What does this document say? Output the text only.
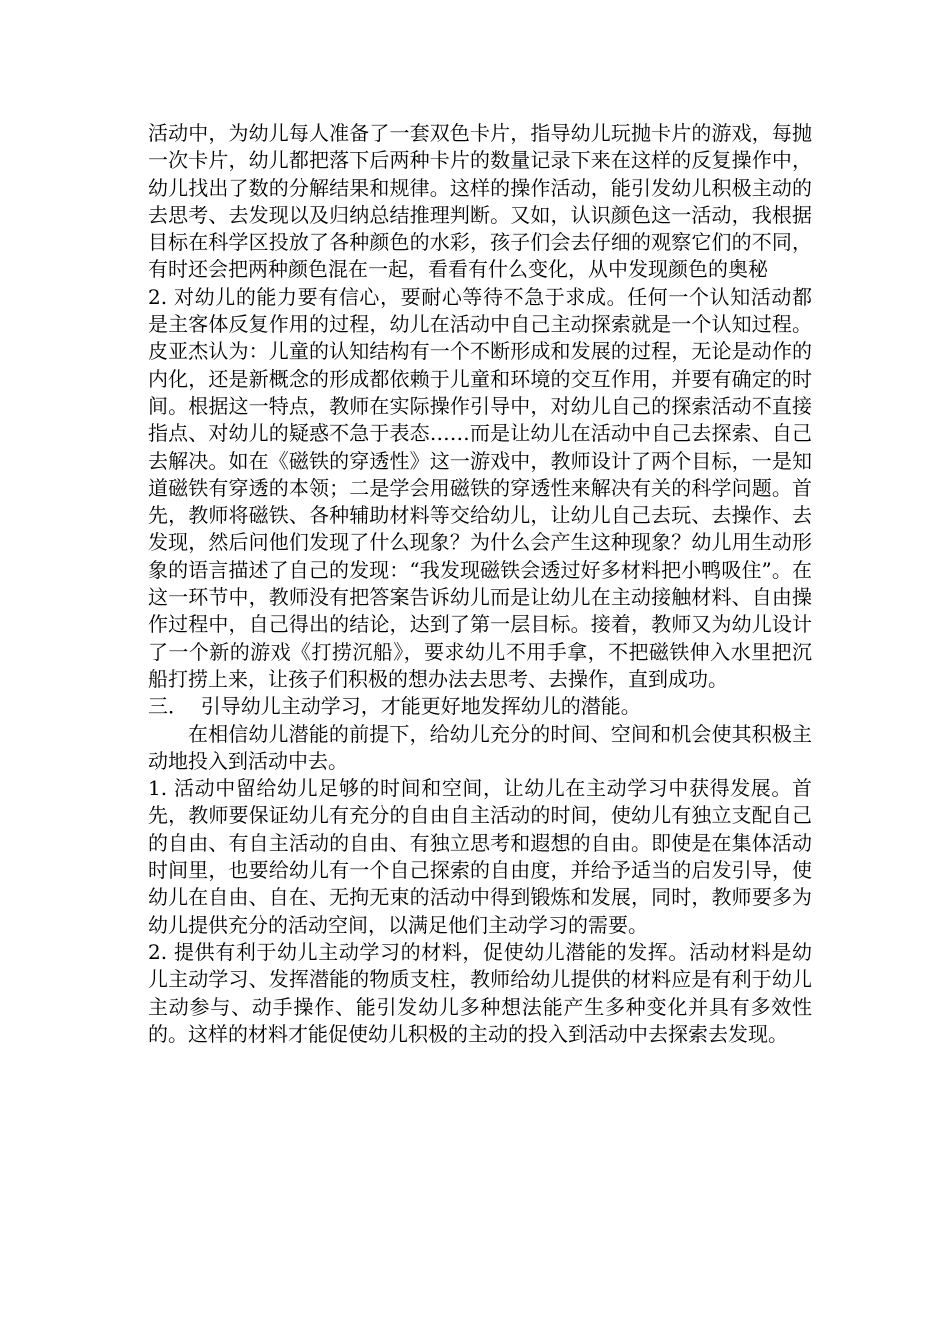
活动中，为幼儿每人准备了一套双色卡片，指导幼儿玩抛卡片的游戏，每抛一次卡片，幼儿都把落下后两种卡片的数量记录下来在这样的反复操作中，幼儿找出了数的分解结果和规律。这样的操作活动，能引发幼儿积极主动的去思考、去发现以及归纳总结推理判断。又如，认识颜色这一活动，我根据目标在科学区投放了各种颜色的水彩，孩子们会去仔细的观察它们的不同，有时还会把两种颜色混在一起，看看有什么变化，从中发现颜色的奥秘

2. 对幼儿的能力要有信心，要耐心等待不急于求成。任何一个认知活动都是主客体反复作用的过程，幼儿在活动中自己主动探索就是一个认知过程。皮亚杰认为：儿童的认知结构有一个不断形成和发展的过程，无论是动作的内化，还是新概念的形成都依赖于儿童和环境的交互作用，并要有确定的时间。根据这一特点，教师在实际操作引导中，对幼儿自己的探索活动不直接指点、对幼儿的疑惑不急于表态……而是让幼儿在活动中自己去探索、自己去解决。如在《磁铁的穿透性》这一游戏中，教师设计了两个目标，一是知道磁铁有穿透的本领；二是学会用磁铁的穿透性来解决有关的科学问题。首先，教师将磁铁、各种辅助材料等交给幼儿，让幼儿自己去玩、去操作、去发现，然后问他们发现了什么现象？为什么会产生这种现象？幼儿用生动形象的语言描述了自己的发现：“我发现磁铁会透过好多材料把小鸭吸住”。在这一环节中，教师没有把答案告诉幼儿而是让幼儿在主动接触材料、自由操作过程中，自己得出的结论，达到了第一层目标。接着，教师又为幼儿设计了一个新的游戏《打捞沉船》，要求幼儿不用手拿，不把磁铁伸入水里把沉船打捞上来，让孩子们积极的想办法去思考、去操作，直到成功。

三．  引导幼儿主动学习，才能更好地发挥幼儿的潜能。

在相信幼儿潜能的前提下，给幼儿充分的时间、空间和机会使其积极主动地投入到活动中去。

1. 活动中留给幼儿足够的时间和空间，让幼儿在主动学习中获得发展。首先，教师要保证幼儿有充分的自由自主活动的时间，使幼儿有独立支配自己的自由、有自主活动的自由、有独立思考和遐想的自由。即使是在集体活动时间里，也要给幼儿有一个自己探索的自由度，并给予适当的启发引导，使幼儿在自由、自在、无拘无束的活动中得到锻炼和发展，同时，教师要多为幼儿提供充分的活动空间，以满足他们主动学习的需要。

2. 提供有利于幼儿主动学习的材料，促使幼儿潜能的发挥。活动材料是幼儿主动学习、发挥潜能的物质支柱，教师给幼儿提供的材料应是有利于幼儿主动参与、动手操作、能引发幼儿多种想法能产生多种变化并具有多效性的。这样的材料才能促使幼儿积极的主动的投入到活动中去探索去发现。
